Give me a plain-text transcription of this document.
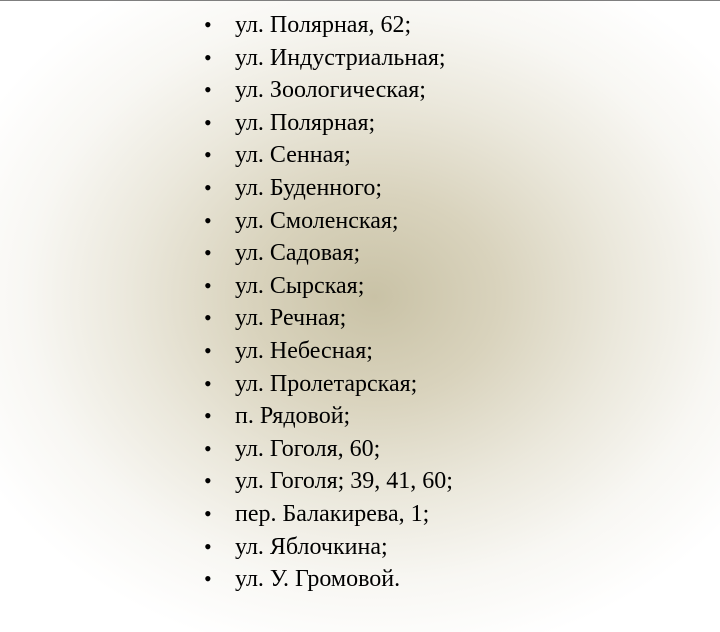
• ул. Полярная, 62;
• ул. Индустриальная;
• ул. Зоологическая;
• ул. Полярная;
• ул. Сенная;
• ул. Буденного;
• ул. Смоленская;
• ул. Садовая;
• ул. Сырская;
• ул. Речная;
• ул. Небесная;
• ул. Пролетарская;
• п. Рядовой;
• ул. Гоголя, 60;
• ул. Гоголя; 39, 41, 60;
• пер. Балакирева, 1;
• ул. Яблочкина;
• ул. У. Громовой.
